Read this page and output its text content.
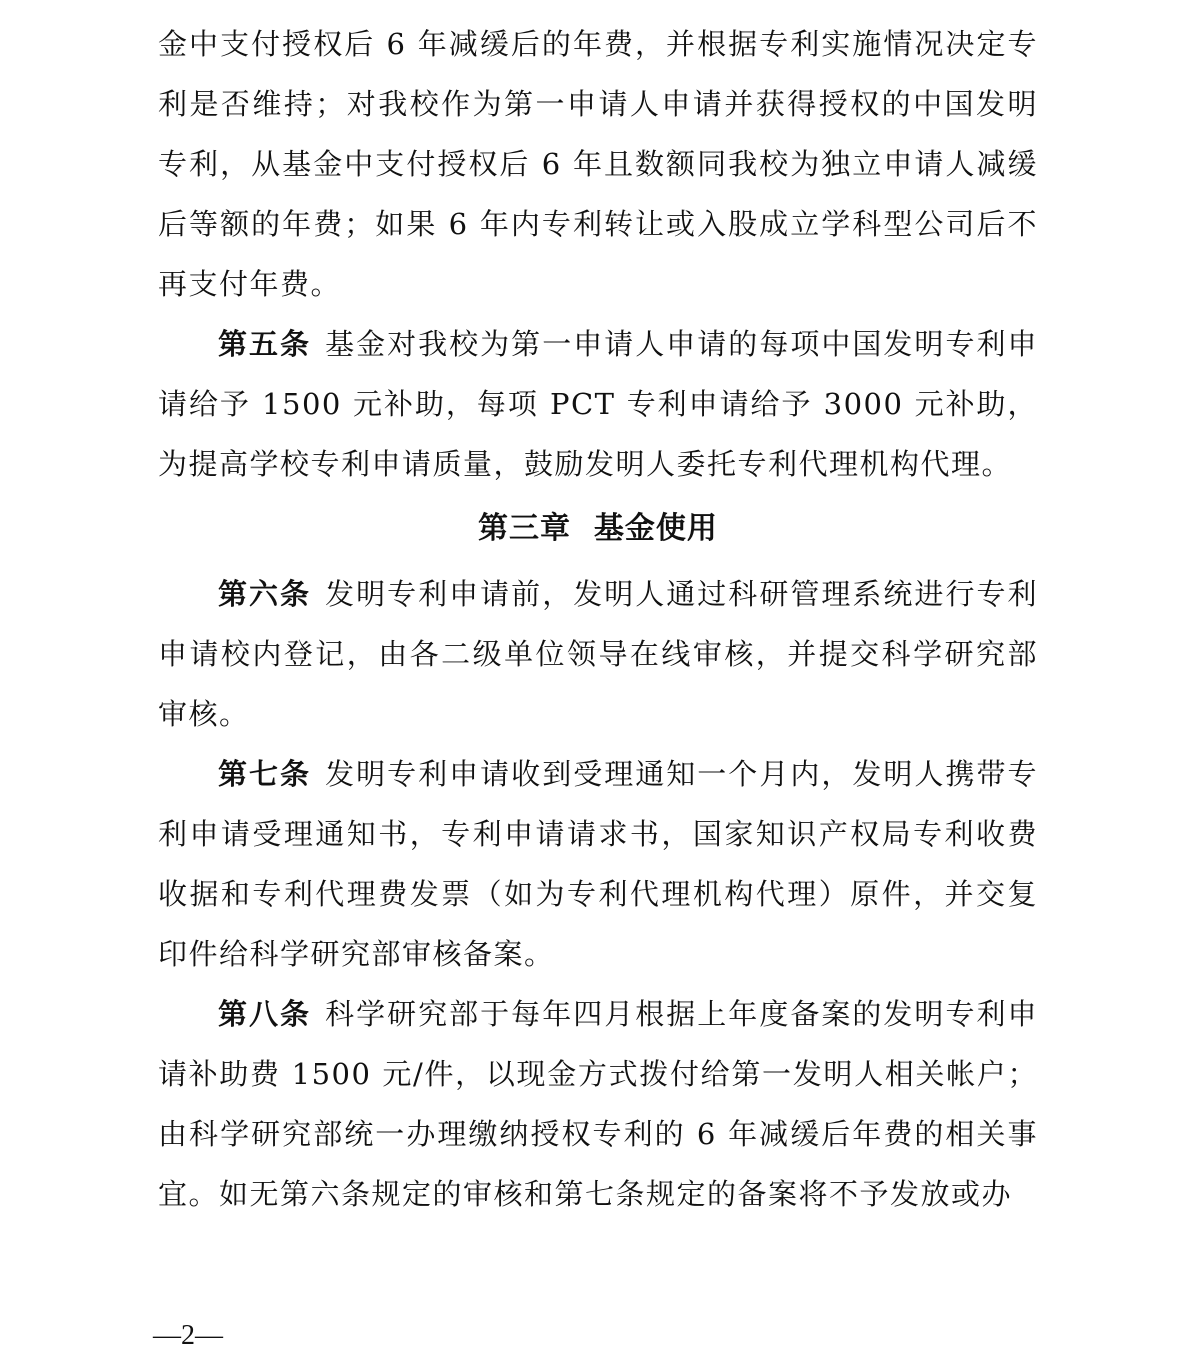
金中支付授权后 6 年减缓后的年费，并根据专利实施情况决定专利是否维持；对我校作为第一申请人申请并获得授权的中国发明专利，从基金中支付授权后 6 年且数额同我校为独立申请人减缓后等额的年费；如果 6 年内专利转让或入股成立学科型公司后不再支付年费。

第五条 基金对我校为第一申请人申请的每项中国发明专利申请给予 1500 元补助，每项 PCT 专利申请给予 3000 元补助，为提高学校专利申请质量，鼓励发明人委托专利代理机构代理。

第三章  基金使用

第六条 发明专利申请前，发明人通过科研管理系统进行专利申请校内登记，由各二级单位领导在线审核，并提交科学研究部审核。

第七条 发明专利申请收到受理通知一个月内，发明人携带专利申请受理通知书，专利申请请求书，国家知识产权局专利收费收据和专利代理费发票（如为专利代理机构代理）原件，并交复印件给科学研究部审核备案。

第八条 科学研究部于每年四月根据上年度备案的发明专利申请补助费 1500 元/件，以现金方式拨付给第一发明人相关帐户；由科学研究部统一办理缴纳授权专利的 6 年减缓后年费的相关事宜。如无第六条规定的审核和第七条规定的备案将不予发放或办

—2—
